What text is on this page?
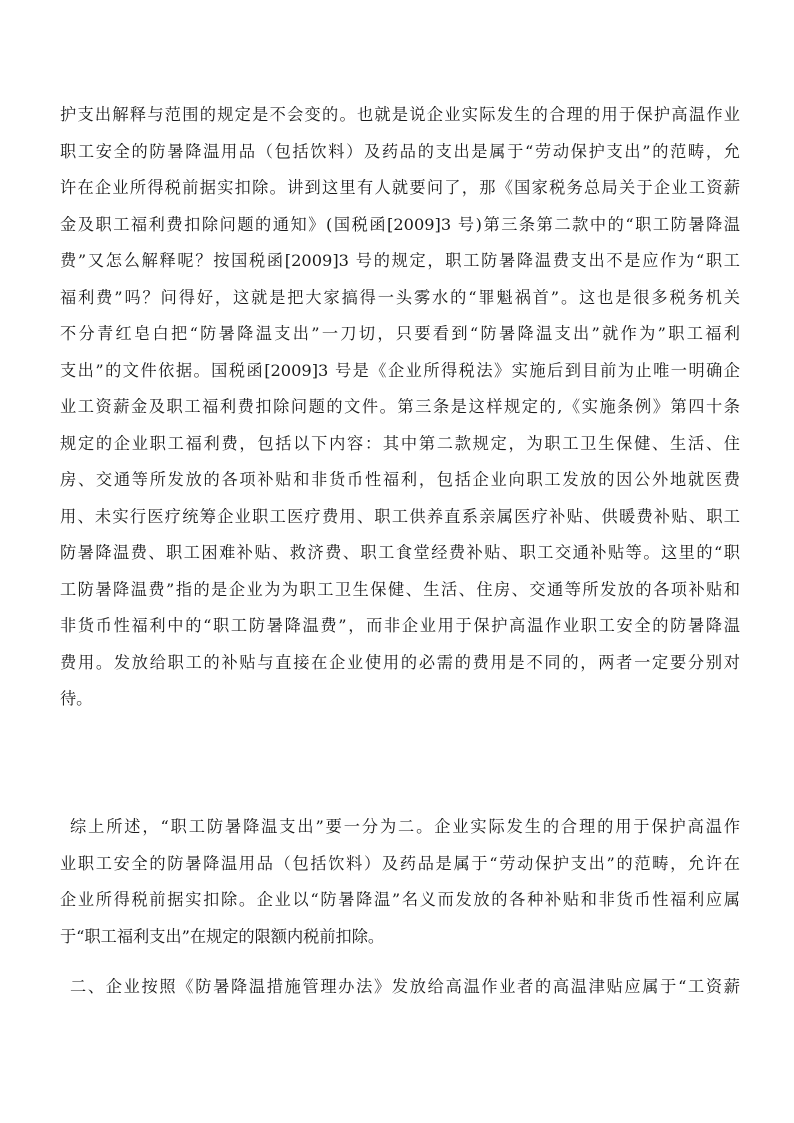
护支出解释与范围的规定是不会变的。也就是说企业实际发生的合理的用于保护高温作业
职工安全的防暑降温用品（包括饮料）及药品的支出是属于“劳动保护支出”的范畴，允
许在企业所得税前据实扣除。讲到这里有人就要问了，那《国家税务总局关于企业工资薪
金及职工福利费扣除问题的通知》(国税函[2009]3 号)第三条第二款中的“职工防暑降温
费”又怎么解释呢？按国税函[2009]3 号的规定，职工防暑降温费支出不是应作为“职工
福利费”吗？问得好，这就是把大家搞得一头雾水的“罪魁祸首”。这也是很多税务机关
不分青红皂白把“防暑降温支出”一刀切，只要看到“防暑降温支出”就作为”职工福利
支出”的文件依据。国税函[2009]3 号是《企业所得税法》实施后到目前为止唯一明确企
业工资薪金及职工福利费扣除问题的文件。第三条是这样规定的,《实施条例》第四十条
规定的企业职工福利费，包括以下内容：其中第二款规定，为职工卫生保健、生活、住
房、交通等所发放的各项补贴和非货币性福利，包括企业向职工发放的因公外地就医费
用、未实行医疗统筹企业职工医疗费用、职工供养直系亲属医疗补贴、供暖费补贴、职工
防暑降温费、职工困难补贴、救济费、职工食堂经费补贴、职工交通补贴等。这里的“职
工防暑降温费”指的是企业为为职工卫生保健、生活、住房、交通等所发放的各项补贴和
非货币性福利中的“职工防暑降温费”，而非企业用于保护高温作业职工安全的防暑降温
费用。发放给职工的补贴与直接在企业使用的必需的费用是不同的，两者一定要分别对
待。
综上所述，“职工防暑降温支出”要一分为二。企业实际发生的合理的用于保护高温作
业职工安全的防暑降温用品（包括饮料）及药品是属于“劳动保护支出”的范畴，允许在
企业所得税前据实扣除。企业以“防暑降温”名义而发放的各种补贴和非货币性福利应属
于“职工福利支出”在规定的限额内税前扣除。
二、企业按照《防暑降温措施管理办法》发放给高温作业者的高温津贴应属于“工资薪
